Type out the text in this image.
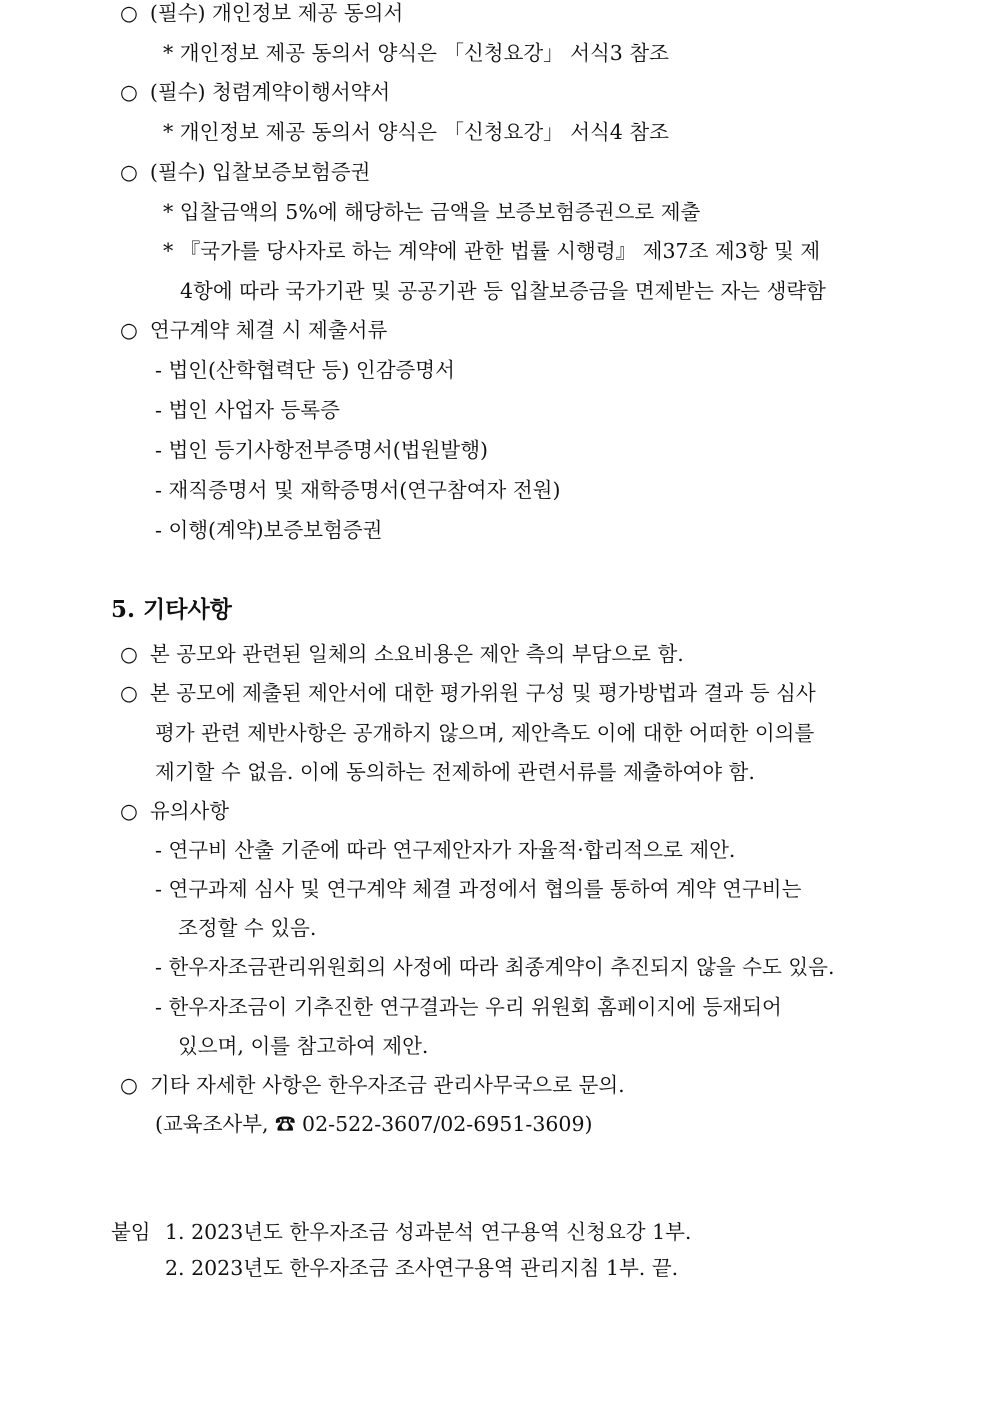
○ (필수) 개인정보 제공 동의서
* 개인정보 제공 동의서 양식은 「신청요강」 서식3 참조
○ (필수) 청렴계약이행서약서
* 개인정보 제공 동의서 양식은 「신청요강」 서식4 참조
○ (필수) 입찰보증보험증권
* 입찰금액의 5%에 해당하는 금액을 보증보험증권으로 제출
* 『국가를 당사자로 하는 계약에 관한 법률 시행령』 제37조 제3항 및 제
4항에 따라 국가기관 및 공공기관 등 입찰보증금을 면제받는 자는 생략함
○ 연구계약 체결 시 제출서류
- 법인(산학협력단 등) 인감증명서
- 법인 사업자 등록증
- 법인 등기사항전부증명서(법원발행)
- 재직증명서 및 재학증명서(연구참여자 전원)
- 이행(계약)보증보험증권
5. 기타사항
○ 본 공모와 관련된 일체의 소요비용은 제안 측의 부담으로 함.
○ 본 공모에 제출된 제안서에 대한 평가위원 구성 및 평가방법과 결과 등 심사
평가 관련 제반사항은 공개하지 않으며, 제안측도 이에 대한 어떠한 이의를
제기할 수 없음. 이에 동의하는 전제하에 관련서류를 제출하여야 함.
○ 유의사항
- 연구비 산출 기준에 따라 연구제안자가 자율적·합리적으로 제안.
- 연구과제 심사 및 연구계약 체결 과정에서 협의를 통하여 계약 연구비는
조정할 수 있음.
- 한우자조금관리위원회의 사정에 따라 최종계약이 추진되지 않을 수도 있음.
- 한우자조금이 기추진한 연구결과는 우리 위원회 홈페이지에 등재되어
있으며, 이를 참고하여 제안.
○ 기타 자세한 사항은 한우자조금 관리사무국으로 문의.
(교육조사부, ☎ 02-522-3607/02-6951-3609)
붙임 1. 2023년도 한우자조금 성과분석 연구용역 신청요강 1부.
2. 2023년도 한우자조금 조사연구용역 관리지침 1부. 끝.
